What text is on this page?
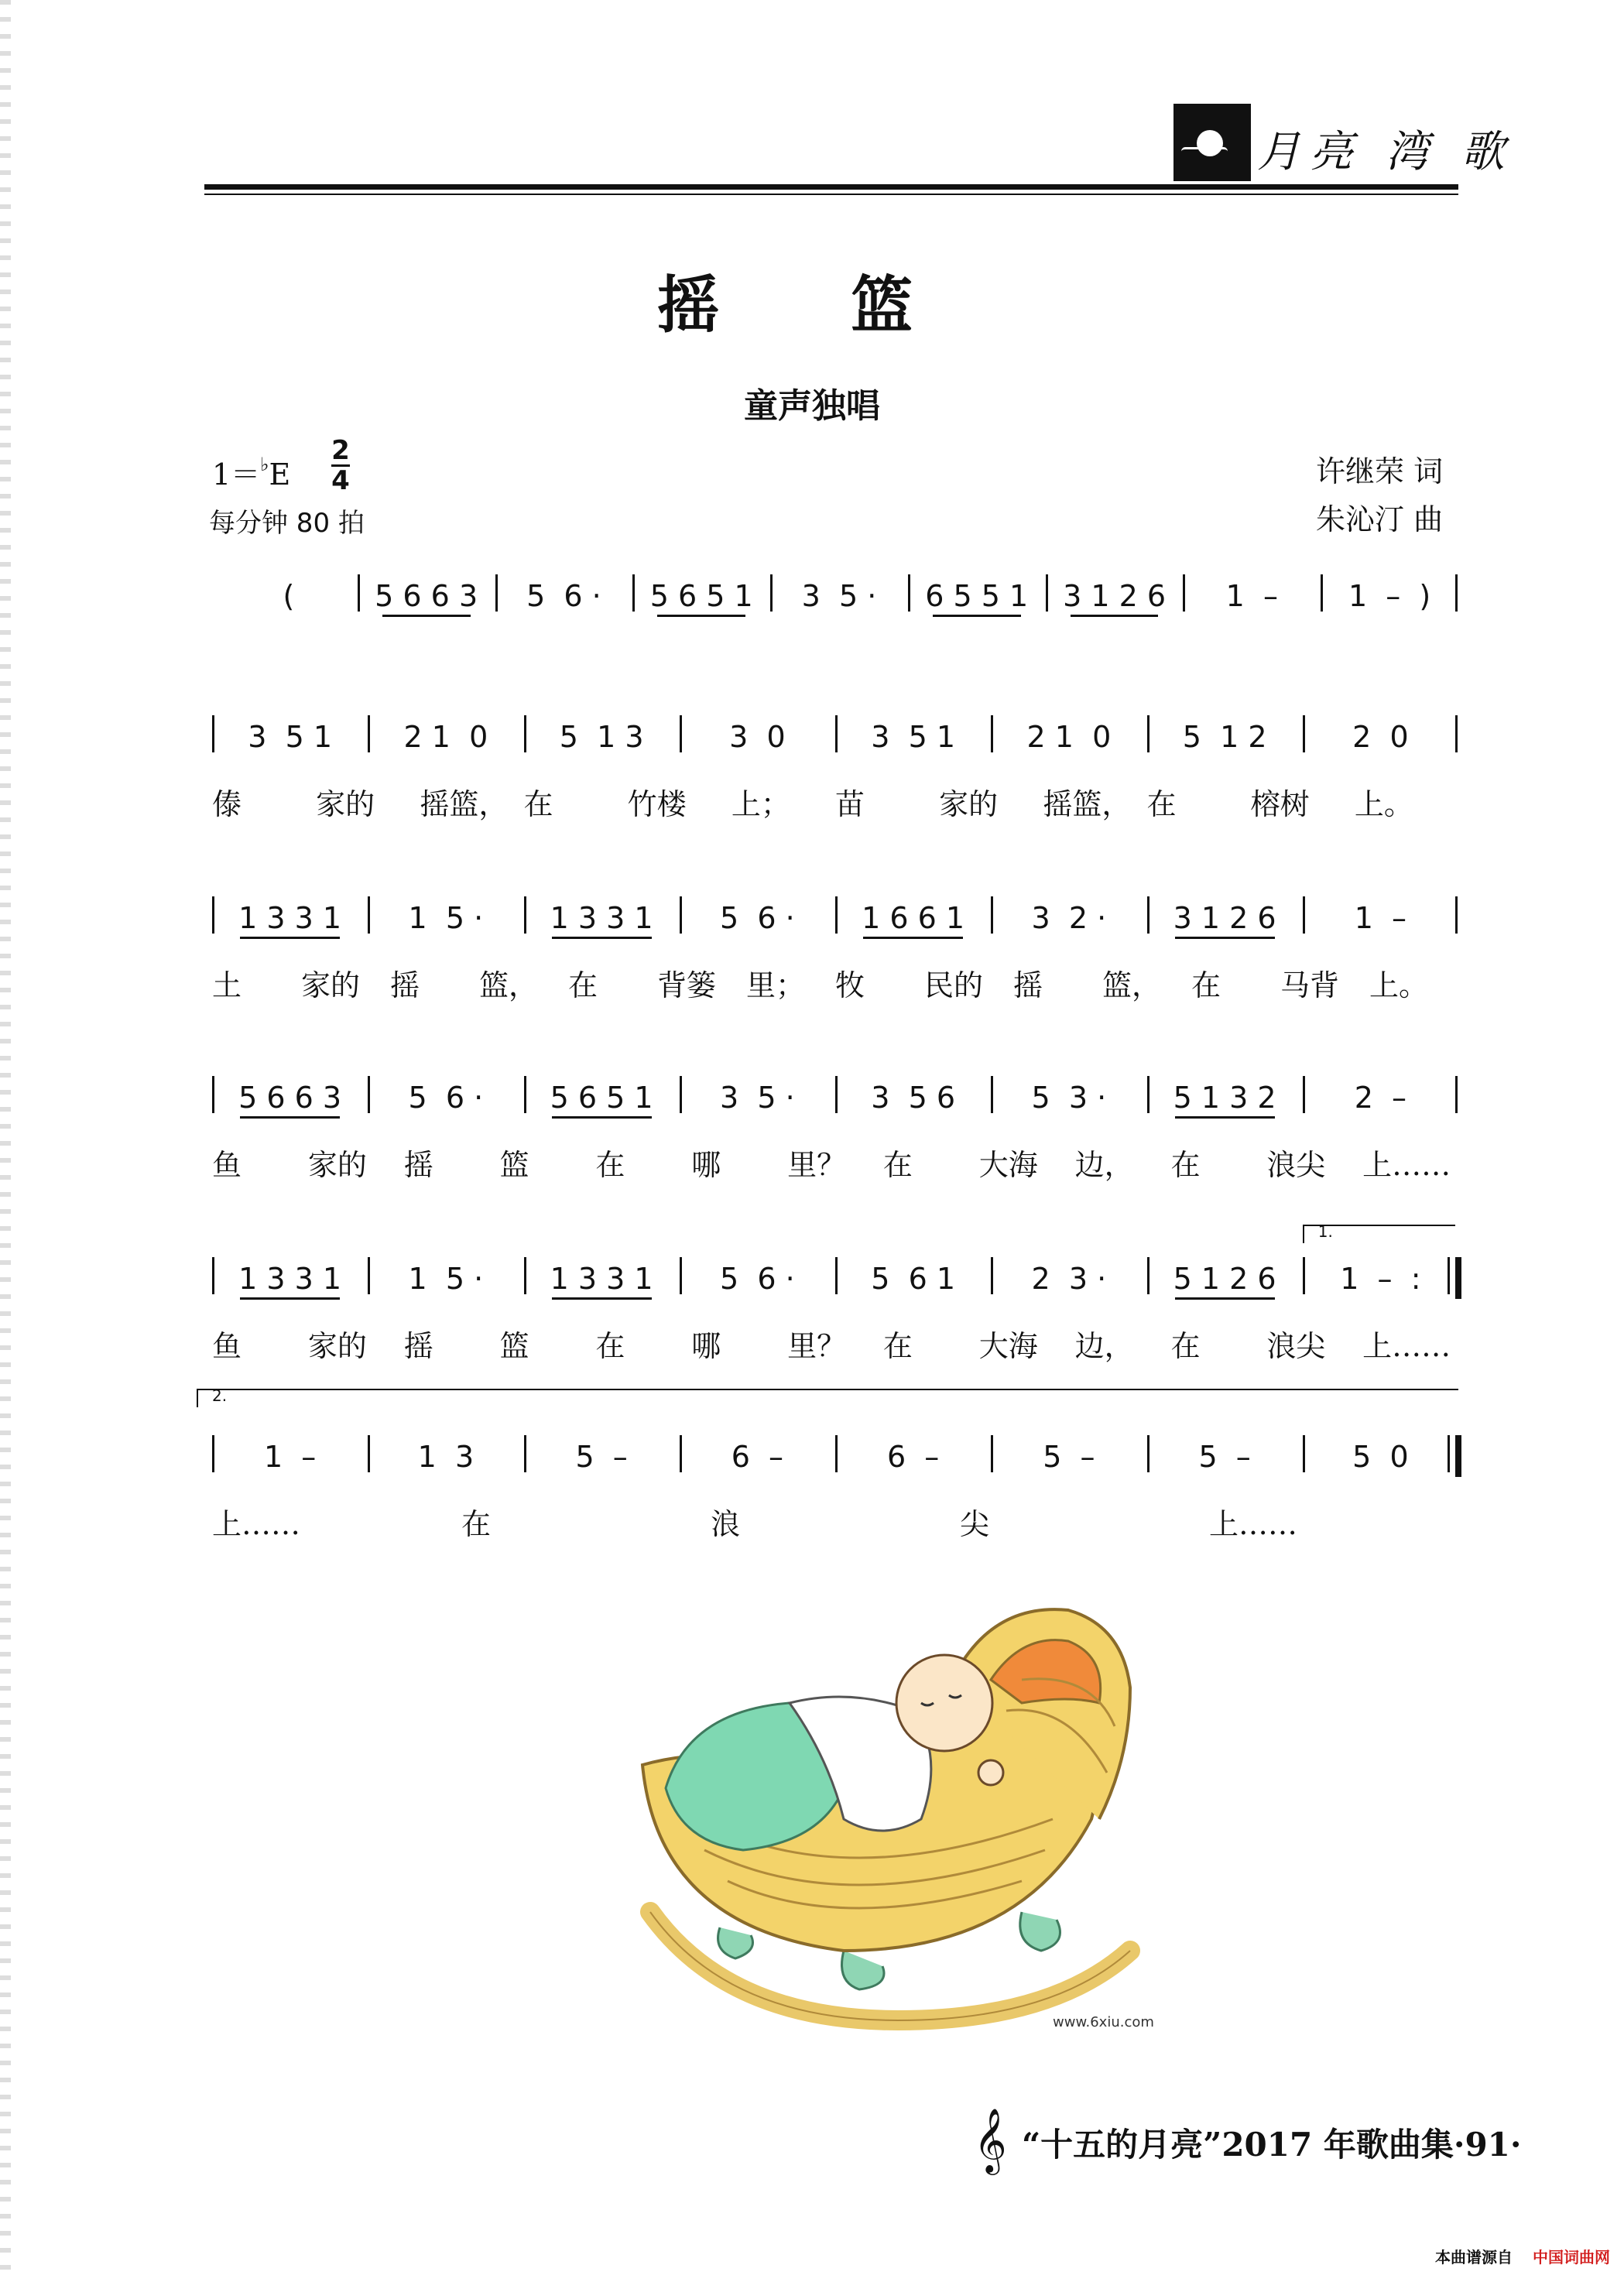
月亮 湾 歌
摇篮
童声独唱
1＝♭E
2
4
每分钟 80 拍
许继荣 词
朱沁汀 曲
(	5 6 6 3	5  6 ·	5 6 5 1	3  5 ·	6 5 5 1	3 1 2 6	1  –	1  –  )
3  5 1	2 1  0	5  1 3	3  0	3  5 1	2 1  0	5  1 2	2  0
傣	家的 摇篮， 在	竹楼 上； 苗	家的 摇篮， 在	榕树 上。
1 3 3 1	1  5 ·	1 3 3 1	5  6 ·	1 6 6 1	3  2 ·	3 1 2 6	1  –
土 家的 摇 篮， 在 背篓 里； 牧 民的 摇 篮， 在 马背 上。
5 6 6 3	5  6 ·	5 6 5 1	3  5 ·	3  5 6	5  3 ·	5 1 3 2	2  –
鱼 家的 摇 篮 在 哪 里？ 在 大海 边， 在 浪尖 上……
1 3 3 1	1  5 ·	1 3 3 1	5  6 ·	5  6 1	2  3 ·	5 1 2 6	1  –  :
1.
鱼 家的 摇 篮 在 哪 里？ 在 大海 边， 在 浪尖 上……
1  –	1  3	5  –	6  –	6  –	5  –	5  –	5  0
2.
上……	在	浪	尖	上……
www.6xiu.com
𝄞 “十五的月亮”2017 年歌曲集·91·
本曲谱源自 中国词曲网
